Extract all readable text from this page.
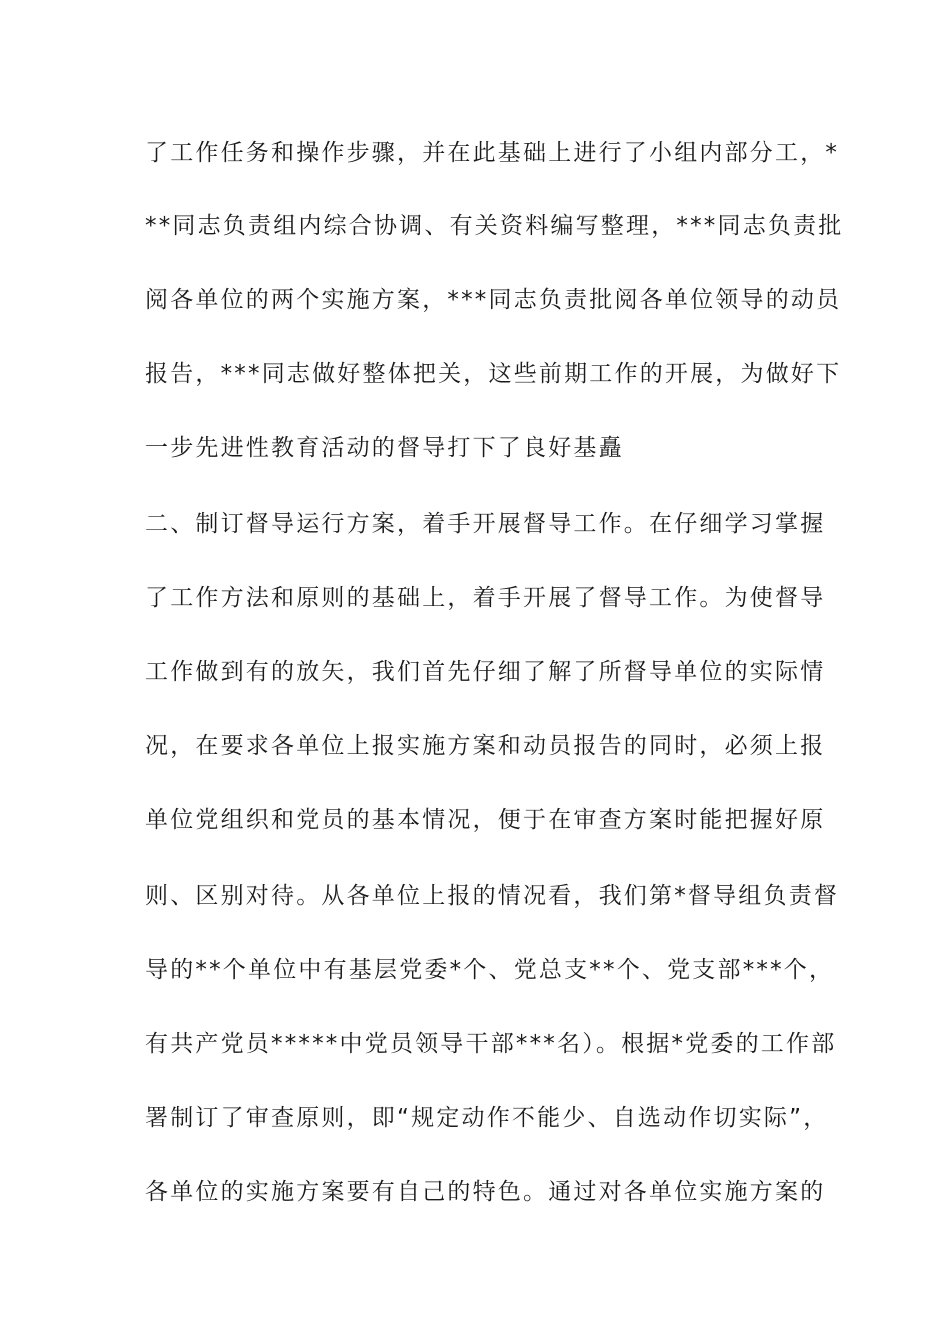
了工作任务和操作步骤，并在此基础上进行了小组内部分工，*
**同志负责组内综合协调、有关资料编写整理，***同志负责批
阅各单位的两个实施方案，***同志负责批阅各单位领导的动员
报告，***同志做好整体把关，这些前期工作的开展，为做好下
一步先进性教育活动的督导打下了良好基矗
二、制订督导运行方案，着手开展督导工作。在仔细学习掌握
了工作方法和原则的基础上，着手开展了督导工作。为使督导
工作做到有的放矢，我们首先仔细了解了所督导单位的实际情
况，在要求各单位上报实施方案和动员报告的同时，必须上报
单位党组织和党员的基本情况，便于在审查方案时能把握好原
则、区别对待。从各单位上报的情况看，我们第*督导组负责督
导的**个单位中有基层党委*个、党总支**个、党支部***个，
有共产党员*****中党员领导干部***名）。根据*党委的工作部
署制订了审查原则，即“规定动作不能少、自选动作切实际”，
各单位的实施方案要有自己的特色。通过对各单位实施方案的
